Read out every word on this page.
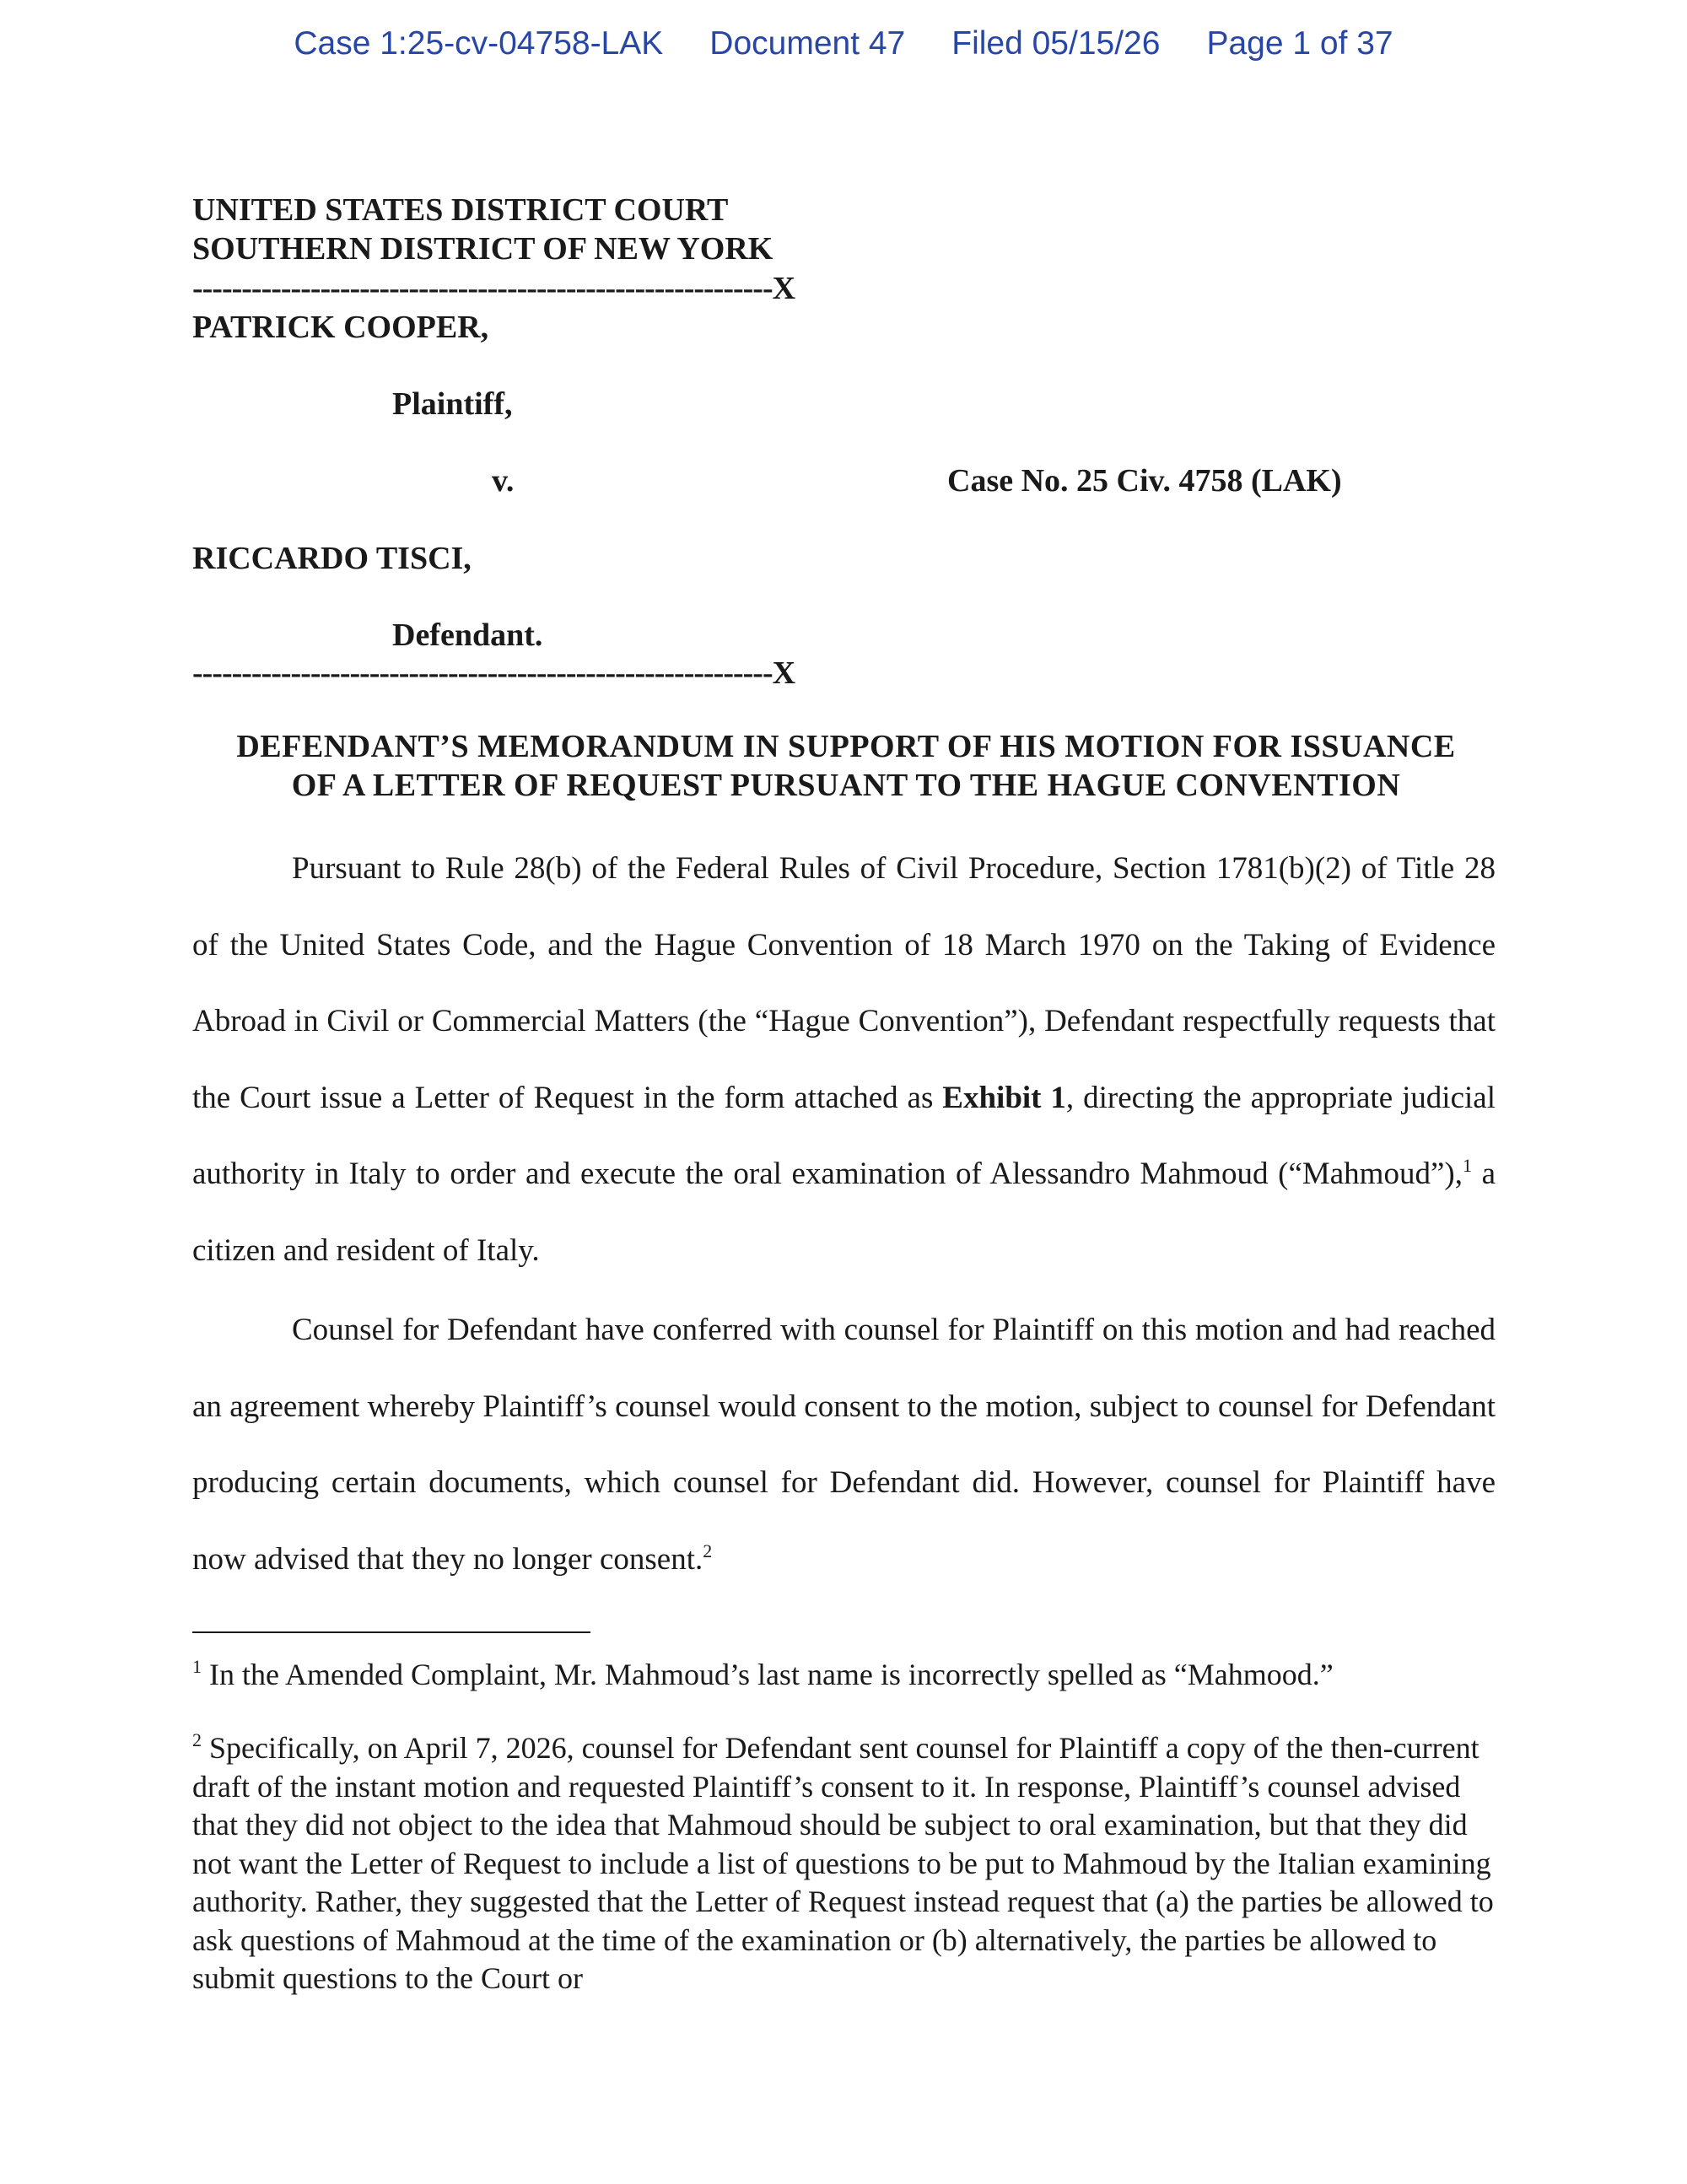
Case 1:25-cv-04758-LAK Document 47 Filed 05/15/26 Page 1 of 37
UNITED STATES DISTRICT COURT
SOUTHERN DISTRICT OF NEW YORK
-----------------------------------------------------------X
PATRICK COOPER,
Plaintiff,
v.	Case No. 25 Civ. 4758 (LAK)
RICCARDO TISCI,
Defendant.
-----------------------------------------------------------X
DEFENDANT’S MEMORANDUM IN SUPPORT OF HIS MOTION FOR ISSUANCE
OF A LETTER OF REQUEST PURSUANT TO THE HAGUE CONVENTION

Pursuant to Rule 28(b) of the Federal Rules of Civil Procedure, Section 1781(b)(2) of Title 28 of the United States Code, and the Hague Convention of 18 March 1970 on the Taking of Evidence Abroad in Civil or Commercial Matters (the “Hague Convention”), Defendant respectfully requests that the Court issue a Letter of Request in the form attached as Exhibit 1, directing the appropriate judicial authority in Italy to order and execute the oral examination of Alessandro Mahmoud (“Mahmoud”),$^1$ a citizen and resident of Italy.

Counsel for Defendant have conferred with counsel for Plaintiff on this motion and had reached an agreement whereby Plaintiff’s counsel would consent to the motion, subject to counsel for Defendant producing certain documents, which counsel for Defendant did. However, counsel for Plaintiff have now advised that they no longer consent.$^2$

$^1$ In the Amended Complaint, Mr. Mahmoud’s last name is incorrectly spelled as “Mahmood.”
$^2$ Specifically, on April 7, 2026, counsel for Defendant sent counsel for Plaintiff a copy of the then-current draft of the instant motion and requested Plaintiff’s consent to it. In response, Plaintiff’s counsel advised that they did not object to the idea that Mahmoud should be subject to oral examination, but that they did not want the Letter of Request to include a list of questions to be put to Mahmoud by the Italian examining authority. Rather, they suggested that the Letter of Request instead request that (a) the parties be allowed to ask questions of Mahmoud at the time of the examination or (b) alternatively, the parties be allowed to submit questions to the Court or
